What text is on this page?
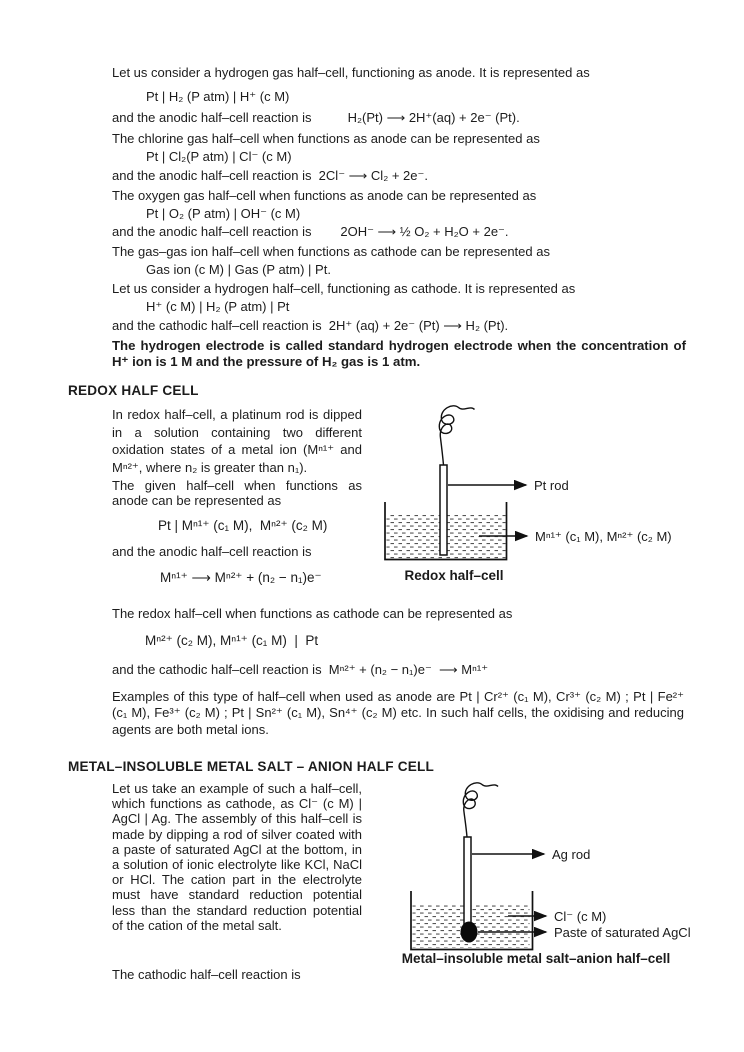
Let us consider a hydrogen gas half–cell, functioning as anode. It is represented as
Pt | H₂ (P atm) | H⁺ (c M)
and the anodic half–cell reaction is          H₂(Pt) ⟶ 2H⁺(aq) + 2e⁻ (Pt).
The chlorine gas half–cell when functions as anode can be represented as
Pt | Cl₂(P atm) | Cl⁻ (c M)
and the anodic half–cell reaction is  2Cl⁻ ⟶ Cl₂ + 2e⁻.
The oxygen gas half–cell when functions as anode can be represented as
Pt | O₂ (P atm) | OH⁻ (c M)
and the anodic half–cell reaction is        2OH⁻ ⟶ ½ O₂ + H₂O + 2e⁻.
The gas–gas ion half–cell when functions as cathode can be represented as
Gas ion (c M) | Gas (P atm) | Pt.
Let us consider a hydrogen half–cell, functioning as cathode. It is represented as
H⁺ (c M) | H₂ (P atm) | Pt
and the cathodic half–cell reaction is  2H⁺ (aq) + 2e⁻ (Pt) ⟶ H₂ (Pt).
The hydrogen electrode is called standard hydrogen electrode when the concentration of H⁺ ion is 1 M and the pressure of H₂ gas is 1 atm.
REDOX HALF CELL
In redox half–cell, a platinum rod is dipped in a solution containing two different oxidation states of a metal ion (Mⁿ¹⁺ and Mⁿ²⁺, where n₂ is greater than n₁).
The given half–cell when functions as anode can be represented as
Pt | Mⁿ¹⁺ (c₁ M),  Mⁿ²⁺ (c₂ M)
and the anodic half–cell reaction is
Mⁿ¹⁺ ⟶ Mⁿ²⁺ + (n₂ − n₁)e⁻
The redox half–cell when functions as cathode can be represented as
Mⁿ²⁺ (c₂ M), Mⁿ¹⁺ (c₁ M)  |  Pt
and the cathodic half–cell reaction is  Mⁿ²⁺ + (n₂ − n₁)e⁻  ⟶ Mⁿ¹⁺
Examples of this type of half–cell when used as anode are Pt | Cr²⁺ (c₁ M), Cr³⁺ (c₂ M) ; Pt | Fe²⁺ (c₁ M), Fe³⁺ (c₂ M) ; Pt | Sn²⁺ (c₁ M), Sn⁴⁺ (c₂ M) etc. In such half cells, the oxidising and reducing agents are both metal ions.
Pt rod
Mⁿ¹⁺ (c₁ M), Mⁿ²⁺ (c₂ M)
Redox half–cell
METAL–INSOLUBLE METAL SALT – ANION HALF CELL
Let us take an example of such a half–cell, which functions as cathode, as Cl⁻ (c M) | AgCl | Ag. The assembly of this half–cell is made by dipping a rod of silver coated with a paste of saturated AgCl at the bottom, in a solution of ionic electrolyte like KCl, NaCl or HCl. The cation part in the electrolyte must have standard reduction potential less than the standard reduction potential of the cation of the metal salt.
The cathodic half–cell reaction is
Ag rod
Cl⁻ (c M)
Paste of saturated AgCl
Metal–insoluble metal salt–anion half–cell
